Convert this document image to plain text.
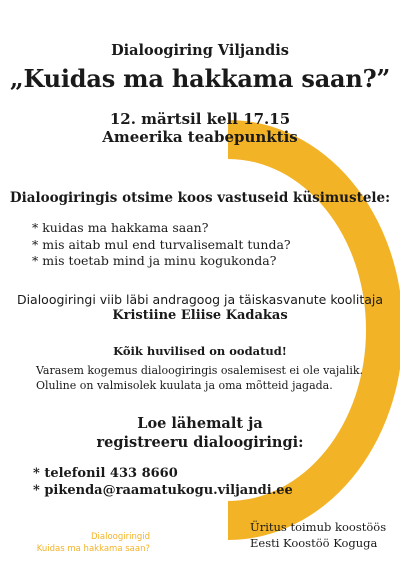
Dialoogiring Viljandis
„Kuidas ma hakkama saan?”
12. märtsil kell 17.15
Ameerika teabepunktis
Dialoogiringis otsime koos vastuseid küsimustele:
* kuidas ma hakkama saan?
* mis aitab mul end turvalisemalt tunda?
* mis toetab mind ja minu kogukonda?
Dialoogiringi viib läbi andragoog ja täiskasvanute koolitaja
Kristiine Eliise Kadakas
Kõik huvilised on oodatud!
Varasem kogemus dialoogiringis osalemisest ei ole vajalik.
Oluline on valmisolek kuulata ja oma mõtteid jagada.
Loe lähemalt ja
registreeru dialoogiringi:
* telefonil 433 8660
* pikenda@raamatukogu.viljandi.ee
Dialoogiringid
Kuidas ma hakkama saan?
Üritus toimub koostöös
Eesti Koostöö Koguga
